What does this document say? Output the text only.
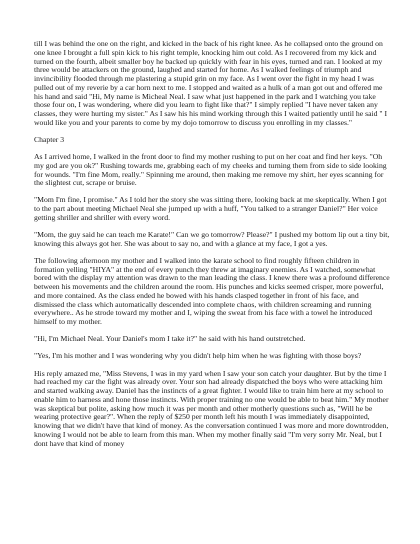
till I was behind the one on the right, and kicked in the back of his right knee. As he collapsed onto the ground on one knee I brought a full spin kick to his right temple, knocking him out cold. As I recovered from my kick and turned on the fourth, albeit smaller boy he backed up quickly with fear in his eyes, turned and ran. I looked at my three would be attackers on the ground, laughed and started for home. As I walked feelings of triumph and invincibility flooded through me plastering a stupid grin on my face. As I went over the fight in my head I was pulled out of my reverie by a car horn next to me. I stopped and waited as a hulk of a man got out and offered me his hand and said "Hi, My name is Micheal Neal. I saw what just happened in the park and I watching you take those four on, I was wondering, where did you learn to fight like that?" I simply replied "I have never taken any classes, they were hurting my sister." As I saw his his mind working through this I waited patiently until he said " I would like you and your parents to come by my dojo tomorrow to discuss you enrolling in my classes."

Chapter 3

As I arrived home, I walked in the front door to find my mother rushing to put on her coat and find her keys. "Oh my god are you ok?" Rushing towards me, grabbing each of my cheeks and turning them from side to side looking for wounds. "I'm fine Mom, really." Spinning me around, then making me remove my shirt, her eyes scanning for the slightest cut, scrape or bruise.

"Mom I'm fine, I promise." As I told her the story she was sitting there, looking back at me skeptically. When I got to the part about meeting Michael Neal she jumped up with a huff, "You talked to a stranger Daniel?" Her voice getting shriller and shriller with every word.

"Mom, the guy said he can teach me Karate!" Can we go tomorrow? Please?" I pushed my bottom lip out a tiny bit, knowing this always got her. She was about to say no, and with a glance at my face, I got a yes.

The following afternoon my mother and I walked into the karate school to find roughly fifteen children in formation yelling "HIYA" at the end of every punch they threw at imaginary enemies. As I watched, somewhat bored with the display my attention was drawn to the man leading the class. I knew there was a profound difference between his movements and the children around the room. His punches and kicks seemed crisper, more powerful, and more contained. As the class ended he bowed with his hands clasped together in front of his face, and dismissed the class which automatically descended into complete chaos, with children screaming and running everywhere.. As he strode toward my mother and I, wiping the sweat from his face with a towel he introduced himself to my mother.

"Hi, I'm Michael Neal. Your Daniel's mom I take it?" he said with his hand outstretched.

"Yes, I'm his mother and I was wondering why you didn't help him when he was fighting with those boys?

His reply amazed me, "Miss Stevens, I was in my yard when I saw your son catch your daughter. But by the time I had reached my car the fight was already over. Your son had already dispatched the boys who were attacking him and started walking away. Daniel has the instincts of a great fighter. I would like to train him here at my school to enable him to harness and hone those instincts. With proper training no one would be able to beat him." My mother was skeptical but polite, asking how much it was per month and other motherly questions such as, "Will he be wearing protective gear?". When the reply of $250 per month left his mouth I was immediately disappointed, knowing that we didn't have that kind of money. As the conversation continued I was more and more downtrodden, knowing I would not be able to learn from this man. When my mother finally said "I'm very sorry Mr. Neal, but I dont have that kind of money
